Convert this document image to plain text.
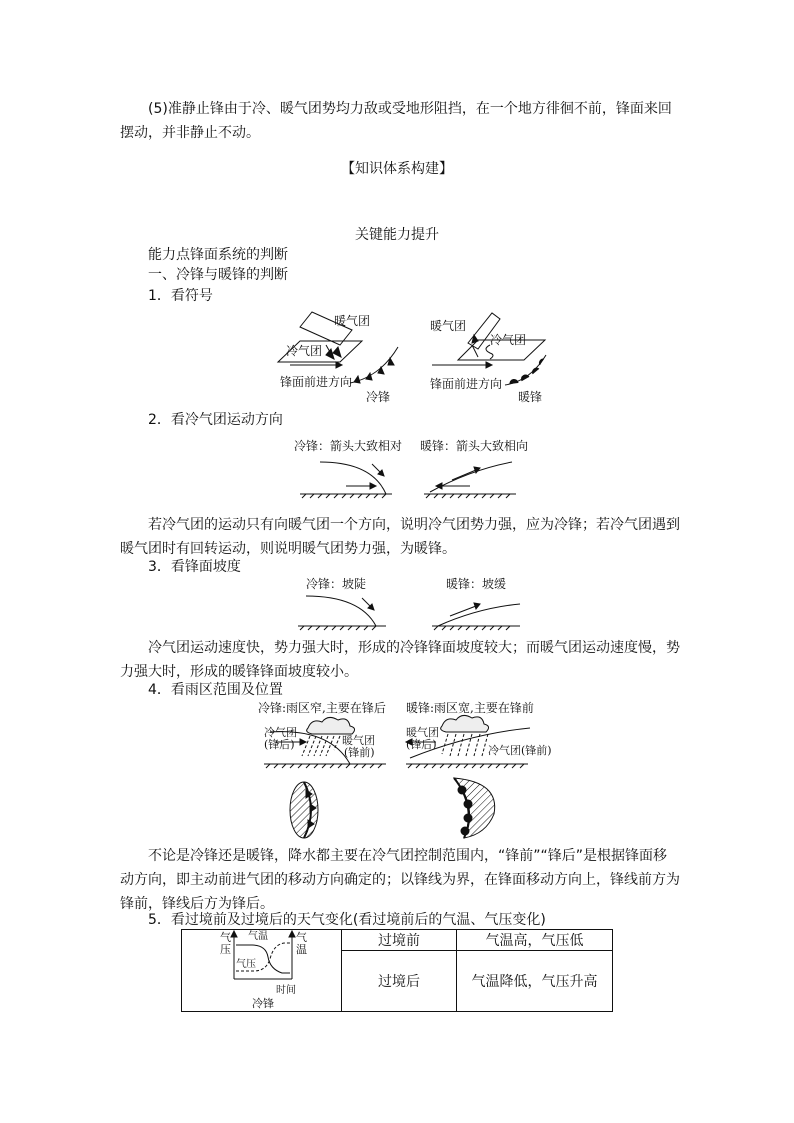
(5)准静止锋由于冷、暖气团势均力敌或受地形阻挡，在一个地方徘徊不前，锋面来回摆动，并非静止不动。
【知识体系构建】
关键能力提升
能力点锋面系统的判断
一、冷锋与暖锋的判断
1．看符号
暖气团
冷气团
锋面前进方向
冷锋
暖气团
冷气团
锋面前进方向
暖锋
2．看冷气团运动方向
冷锋：箭头大致相对 暖锋：箭头大致相向
若冷气团的运动只有向暖气团一个方向，说明冷气团势力强，应为冷锋；若冷气团遇到暖气团时有回转运动，则说明暖气团势力强，为暖锋。
3．看锋面坡度
冷锋：坡陡	暖锋：坡缓
冷气团运动速度快，势力强大时，形成的冷锋锋面坡度较大；而暖气团运动速度慢，势力强大时，形成的暖锋锋面坡度较小。
4．看雨区范围及位置
冷锋:雨区窄,主要在锋后 暖锋:雨区宽,主要在锋前
冷气团
(锋后)	暖气团
(锋前)
暖气团
(锋后)	冷气团(锋前)
不论是冷锋还是暖锋，降水都主要在冷气团控制范围内，“锋前”“锋后”是根据锋面移动方向，即主动前进气团的移动方向确定的；以锋线为界，在锋面移动方向上，锋线前方为锋前，锋线后方为锋后。
5．看过境前及过境后的天气变化(看过境前后的气温、气压变化)
气
压
气
温
气温
气压
时间
冷锋
过境前	气温高，气压低
过境后	气温降低，气压升高
